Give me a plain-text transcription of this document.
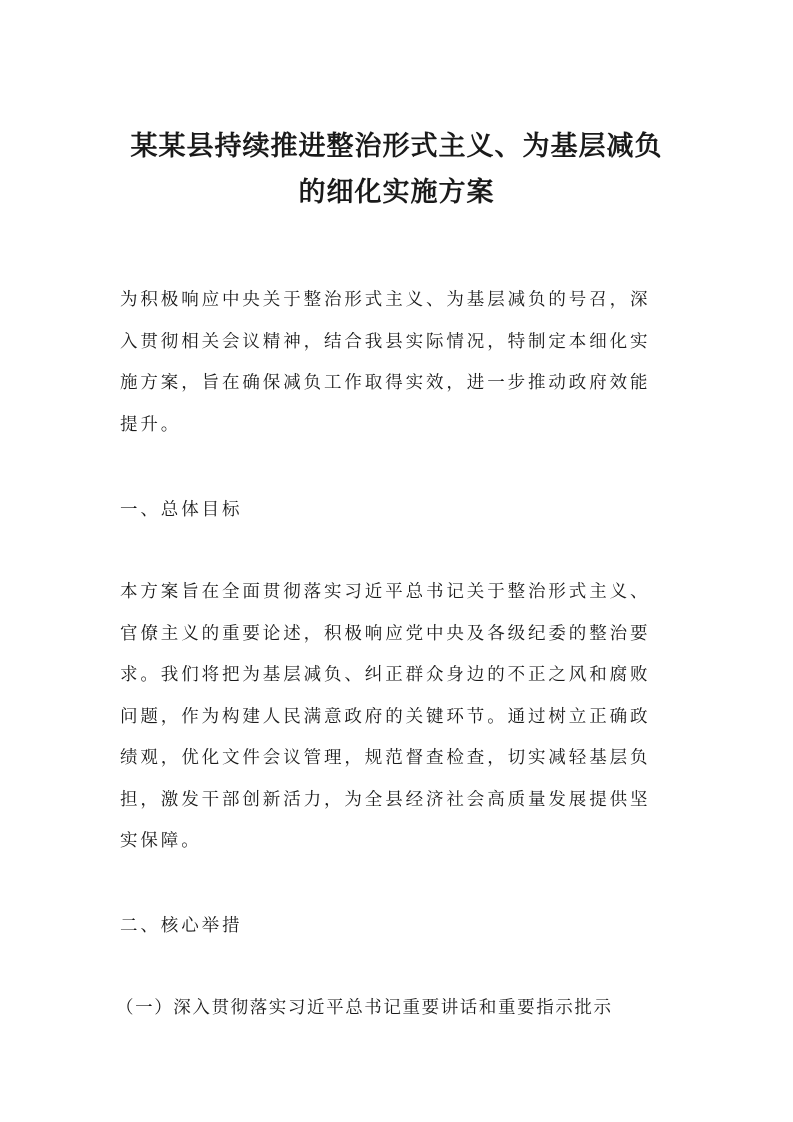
某某县持续推进整治形式主义、为基层减负
的细化实施方案

为积极响应中央关于整治形式主义、为基层减负的号召，深
入贯彻相关会议精神，结合我县实际情况，特制定本细化实
施方案，旨在确保减负工作取得实效，进一步推动政府效能
提升。

一、总体目标

本方案旨在全面贯彻落实习近平总书记关于整治形式主义、
官僚主义的重要论述，积极响应党中央及各级纪委的整治要
求。我们将把为基层减负、纠正群众身边的不正之风和腐败
问题，作为构建人民满意政府的关键环节。通过树立正确政
绩观，优化文件会议管理，规范督查检查，切实减轻基层负
担，激发干部创新活力，为全县经济社会高质量发展提供坚
实保障。

二、核心举措

（一）深入贯彻落实习近平总书记重要讲话和重要指示批示
